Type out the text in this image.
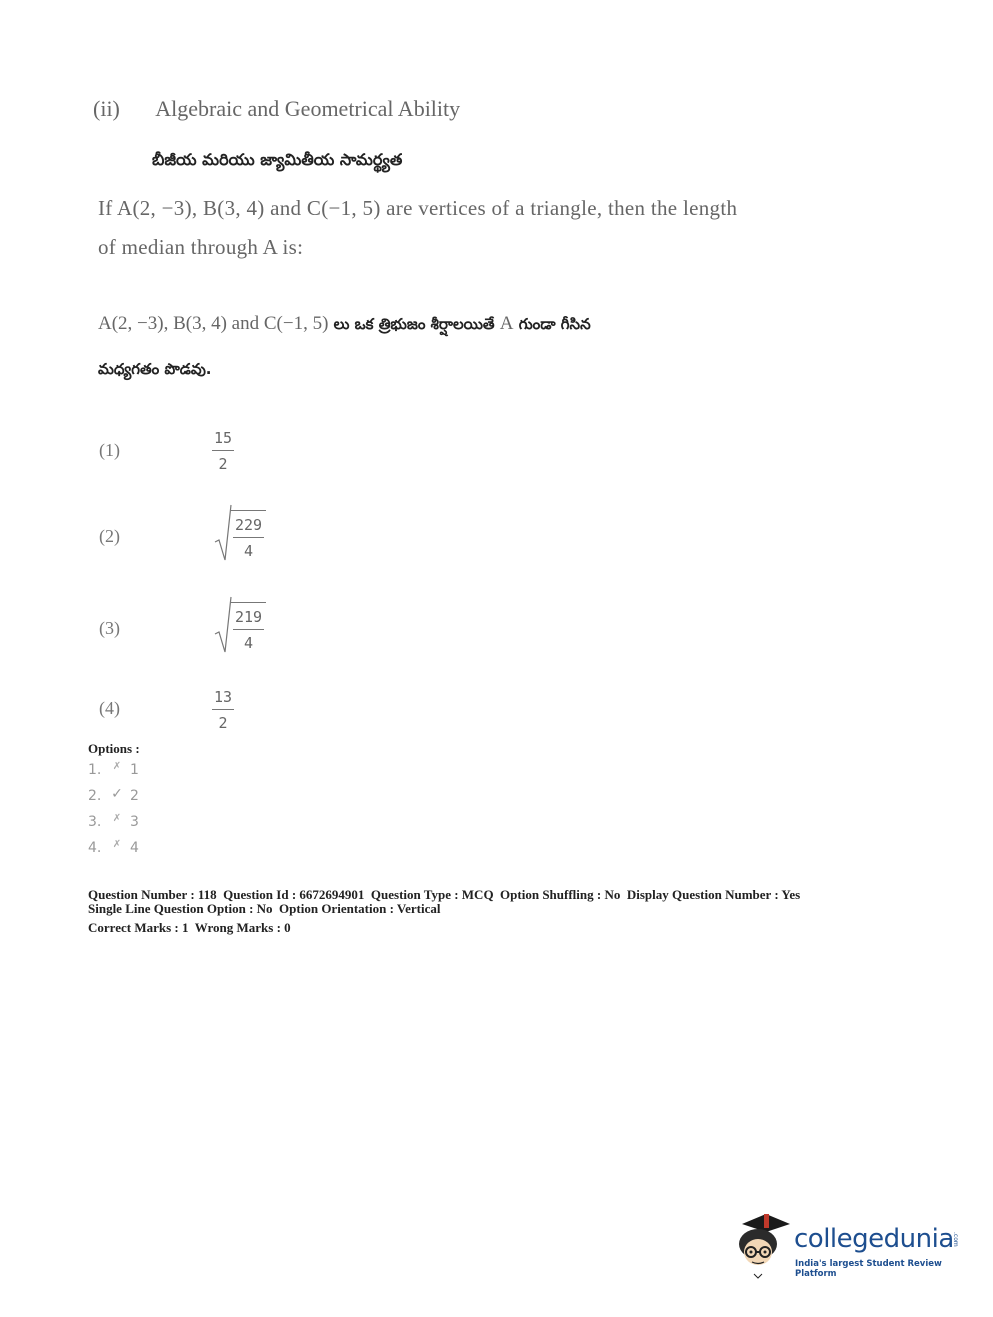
(ii) Algebraic and Geometrical Ability
బీజీయ మరియు జ్యామితీయ సామర్థ్యత
If A(2, −3), B(3, 4) and C(−1, 5) are vertices of a triangle, then the length
of median through A is:
A(2, −3), B(3, 4) and C(−1, 5) లు ఒక త్రిభుజం శీర్షాలయితే A గుండా గీసిన
మధ్యగతం పొడవు.
(1)	$\frac{15}{2}$
(2)	$\frac{229}{4}$
(3)	$\frac{219}{4}$
(4)	$\frac{13}{2}$
Options :
1.	✗ 1
2. ✓ 2
3.	✗ 3
4.	✗ 4
Question Number : 118  Question Id : 6672694901  Question Type : MCQ  Option Shuffling : No  Display Question Number : Yes
Single Line Question Option : No  Option Orientation : Vertical
Correct Marks : 1  Wrong Marks : 0
collegedunia
.com
India's largest Student Review Platform
